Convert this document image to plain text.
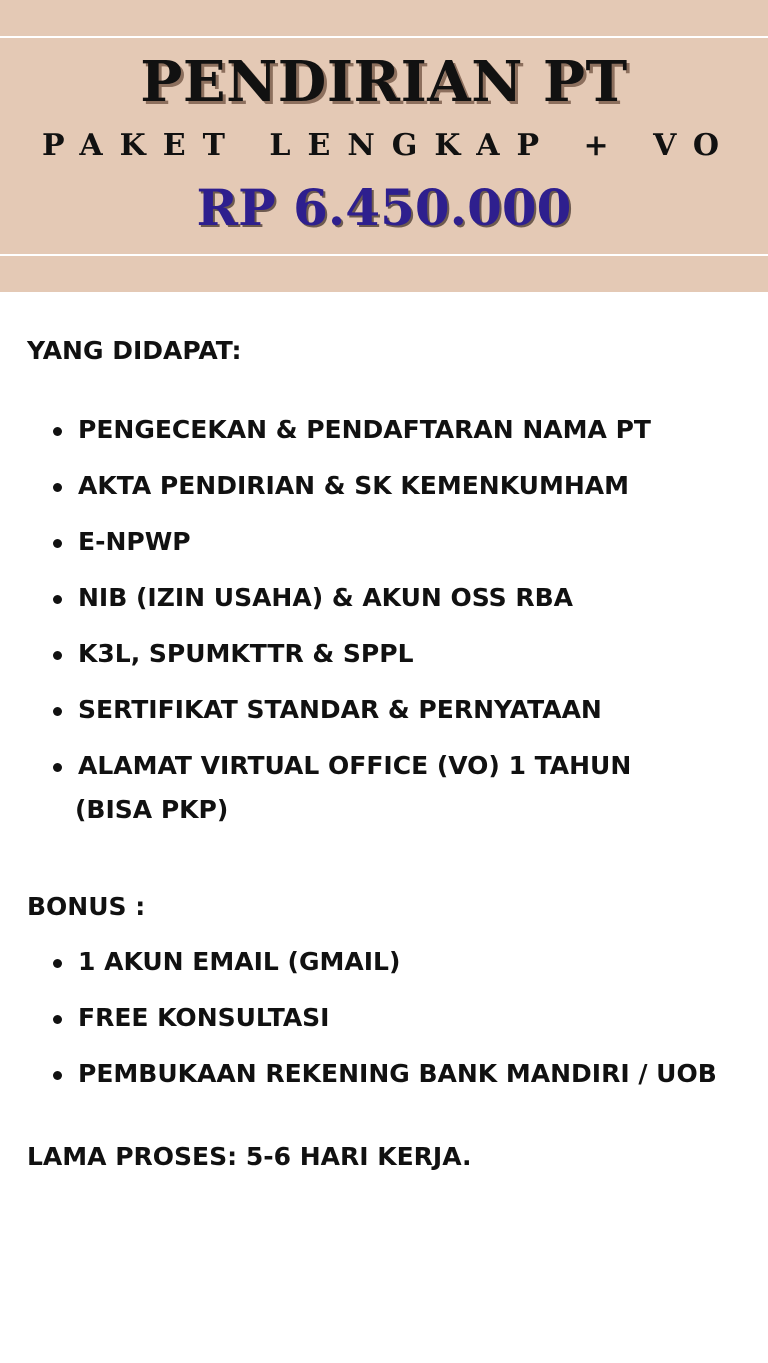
PENDIRIAN PT
PAKET LENGKAP + VO
RP 6.450.000
YANG DIDAPAT:
PENGECEKAN & PENDAFTARAN NAMA PT
AKTA PENDIRIAN & SK KEMENKUMHAM
E-NPWP
NIB (IZIN USAHA) & AKUN OSS RBA
K3L, SPUMKTTR & SPPL
SERTIFIKAT STANDAR & PERNYATAAN
ALAMAT VIRTUAL OFFICE (VO) 1 TAHUN
(BISA PKP)
BONUS :
1 AKUN EMAIL (GMAIL)
FREE KONSULTASI
PEMBUKAAN REKENING BANK MANDIRI / UOB
LAMA PROSES: 5-6 HARI KERJA.
